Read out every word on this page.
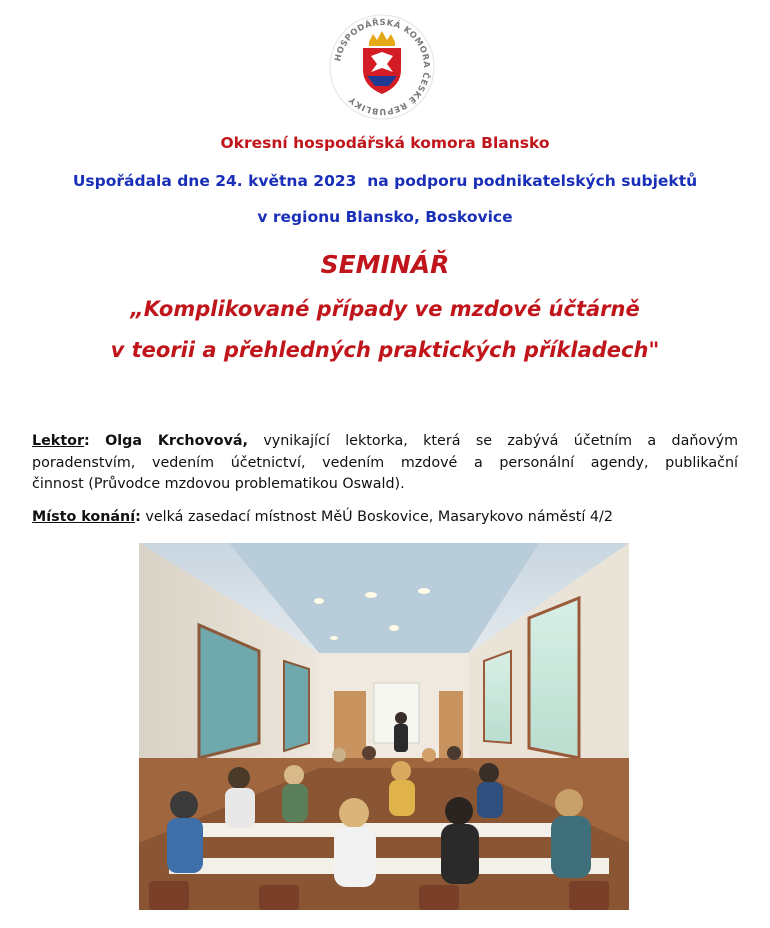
HOSPODÁŘSKÁ KOMORA ČESKÉ REPUBLIKY
Okresní hospodářská komora Blansko
Uspořádala dne 24. května 2023  na podporu podnikatelských subjektů
v regionu Blansko, Boskovice
SEMINÁŘ
„Komplikované případy ve mzdové účtárně
v teorii a přehledných praktických příkladech"
Lektor: Olga Krchovová, vynikající lektorka, která se zabývá účetním a daňovým
poradenstvím, vedením účetnictví, vedením mzdové a personální agendy, publikační
činnost (Průvodce mzdovou problematikou Oswald).
Místo konání: velká zasedací místnost MěÚ Boskovice, Masarykovo náměstí 4/2
